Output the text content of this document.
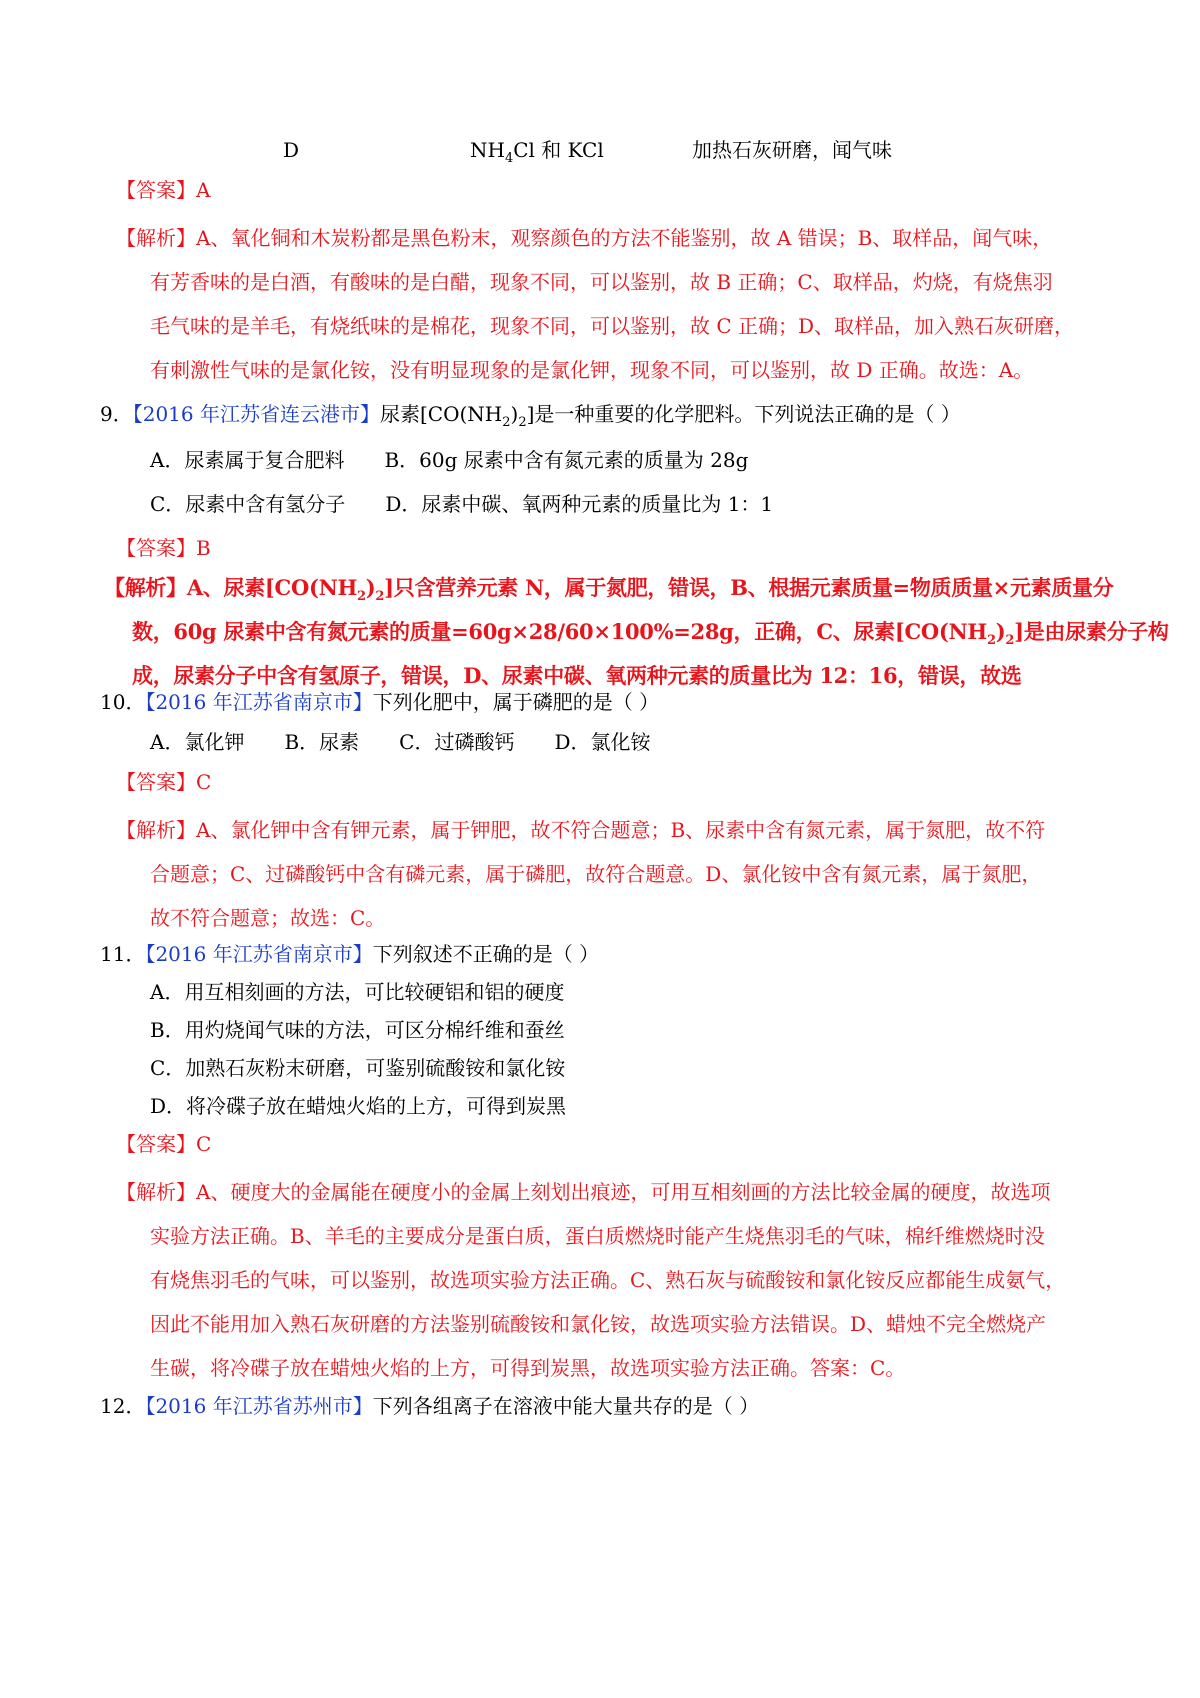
D	$NH_4Cl$ 和 KCl	加热石灰研磨，闻气味
【答案】A
【解析】A、氧化铜和木炭粉都是黑色粉末，观察颜色的方法不能鉴别，故 A 错误；B、取样品，闻气味，
有芳香味的是白酒，有酸味的是白醋，现象不同，可以鉴别，故 B 正确；C、取样品，灼烧，有烧焦羽
毛气味的是羊毛，有烧纸味的是棉花，现象不同，可以鉴别，故 C 正确；D、取样品，加入熟石灰研磨，
有刺激性气味的是氯化铵，没有明显现象的是氯化钾，现象不同，可以鉴别，故 D 正确。故选：A。
9．【2016 年江苏省连云港市】尿素$[CO(NH_2)_2]$是一种重要的化学肥料。下列说法正确的是（ ）
A．尿素属于复合肥料 B．60g 尿素中含有氮元素的质量为 28g
C．尿素中含有氢分子 D．尿素中碳、氧两种元素的质量比为 1：1
【答案】B
【解析】A、尿素$[CO(NH_2)_2]$只含营养元素 N，属于氮肥，错误，B、根据元素质量=物质质量×元素质量分
数，60g 尿素中含有氮元素的质量=60g×28/60×100%=28g，正确，C、尿素$[CO(NH_2)_2]$是由尿素分子构
成，尿素分子中含有氢原子，错误，D、尿素中碳、氧两种元素的质量比为 12：16，错误，故选
10．【2016 年江苏省南京市】下列化肥中，属于磷肥的是（ ）
A．氯化钾 B．尿素 C．过磷酸钙 D．氯化铵
【答案】C
【解析】A、氯化钾中含有钾元素，属于钾肥，故不符合题意；B、尿素中含有氮元素，属于氮肥，故不符
合题意；C、过磷酸钙中含有磷元素，属于磷肥，故符合题意。D、氯化铵中含有氮元素，属于氮肥，
故不符合题意；故选：C。
11．【2016 年江苏省南京市】下列叙述不正确的是（ ）
A．用互相刻画的方法，可比较硬铝和铝的硬度
B．用灼烧闻气味的方法，可区分棉纤维和蚕丝
C．加熟石灰粉末研磨，可鉴别硫酸铵和氯化铵
D．将冷碟子放在蜡烛火焰的上方，可得到炭黑
【答案】C
【解析】A、硬度大的金属能在硬度小的金属上刻划出痕迹，可用互相刻画的方法比较金属的硬度，故选项
实验方法正确。B、羊毛的主要成分是蛋白质，蛋白质燃烧时能产生烧焦羽毛的气味，棉纤维燃烧时没
有烧焦羽毛的气味，可以鉴别，故选项实验方法正确。C、熟石灰与硫酸铵和氯化铵反应都能生成氨气，
因此不能用加入熟石灰研磨的方法鉴别硫酸铵和氯化铵，故选项实验方法错误。D、蜡烛不完全燃烧产
生碳，将冷碟子放在蜡烛火焰的上方，可得到炭黑，故选项实验方法正确。答案：C。
12．【2016 年江苏省苏州市】下列各组离子在溶液中能大量共存的是（ ）
